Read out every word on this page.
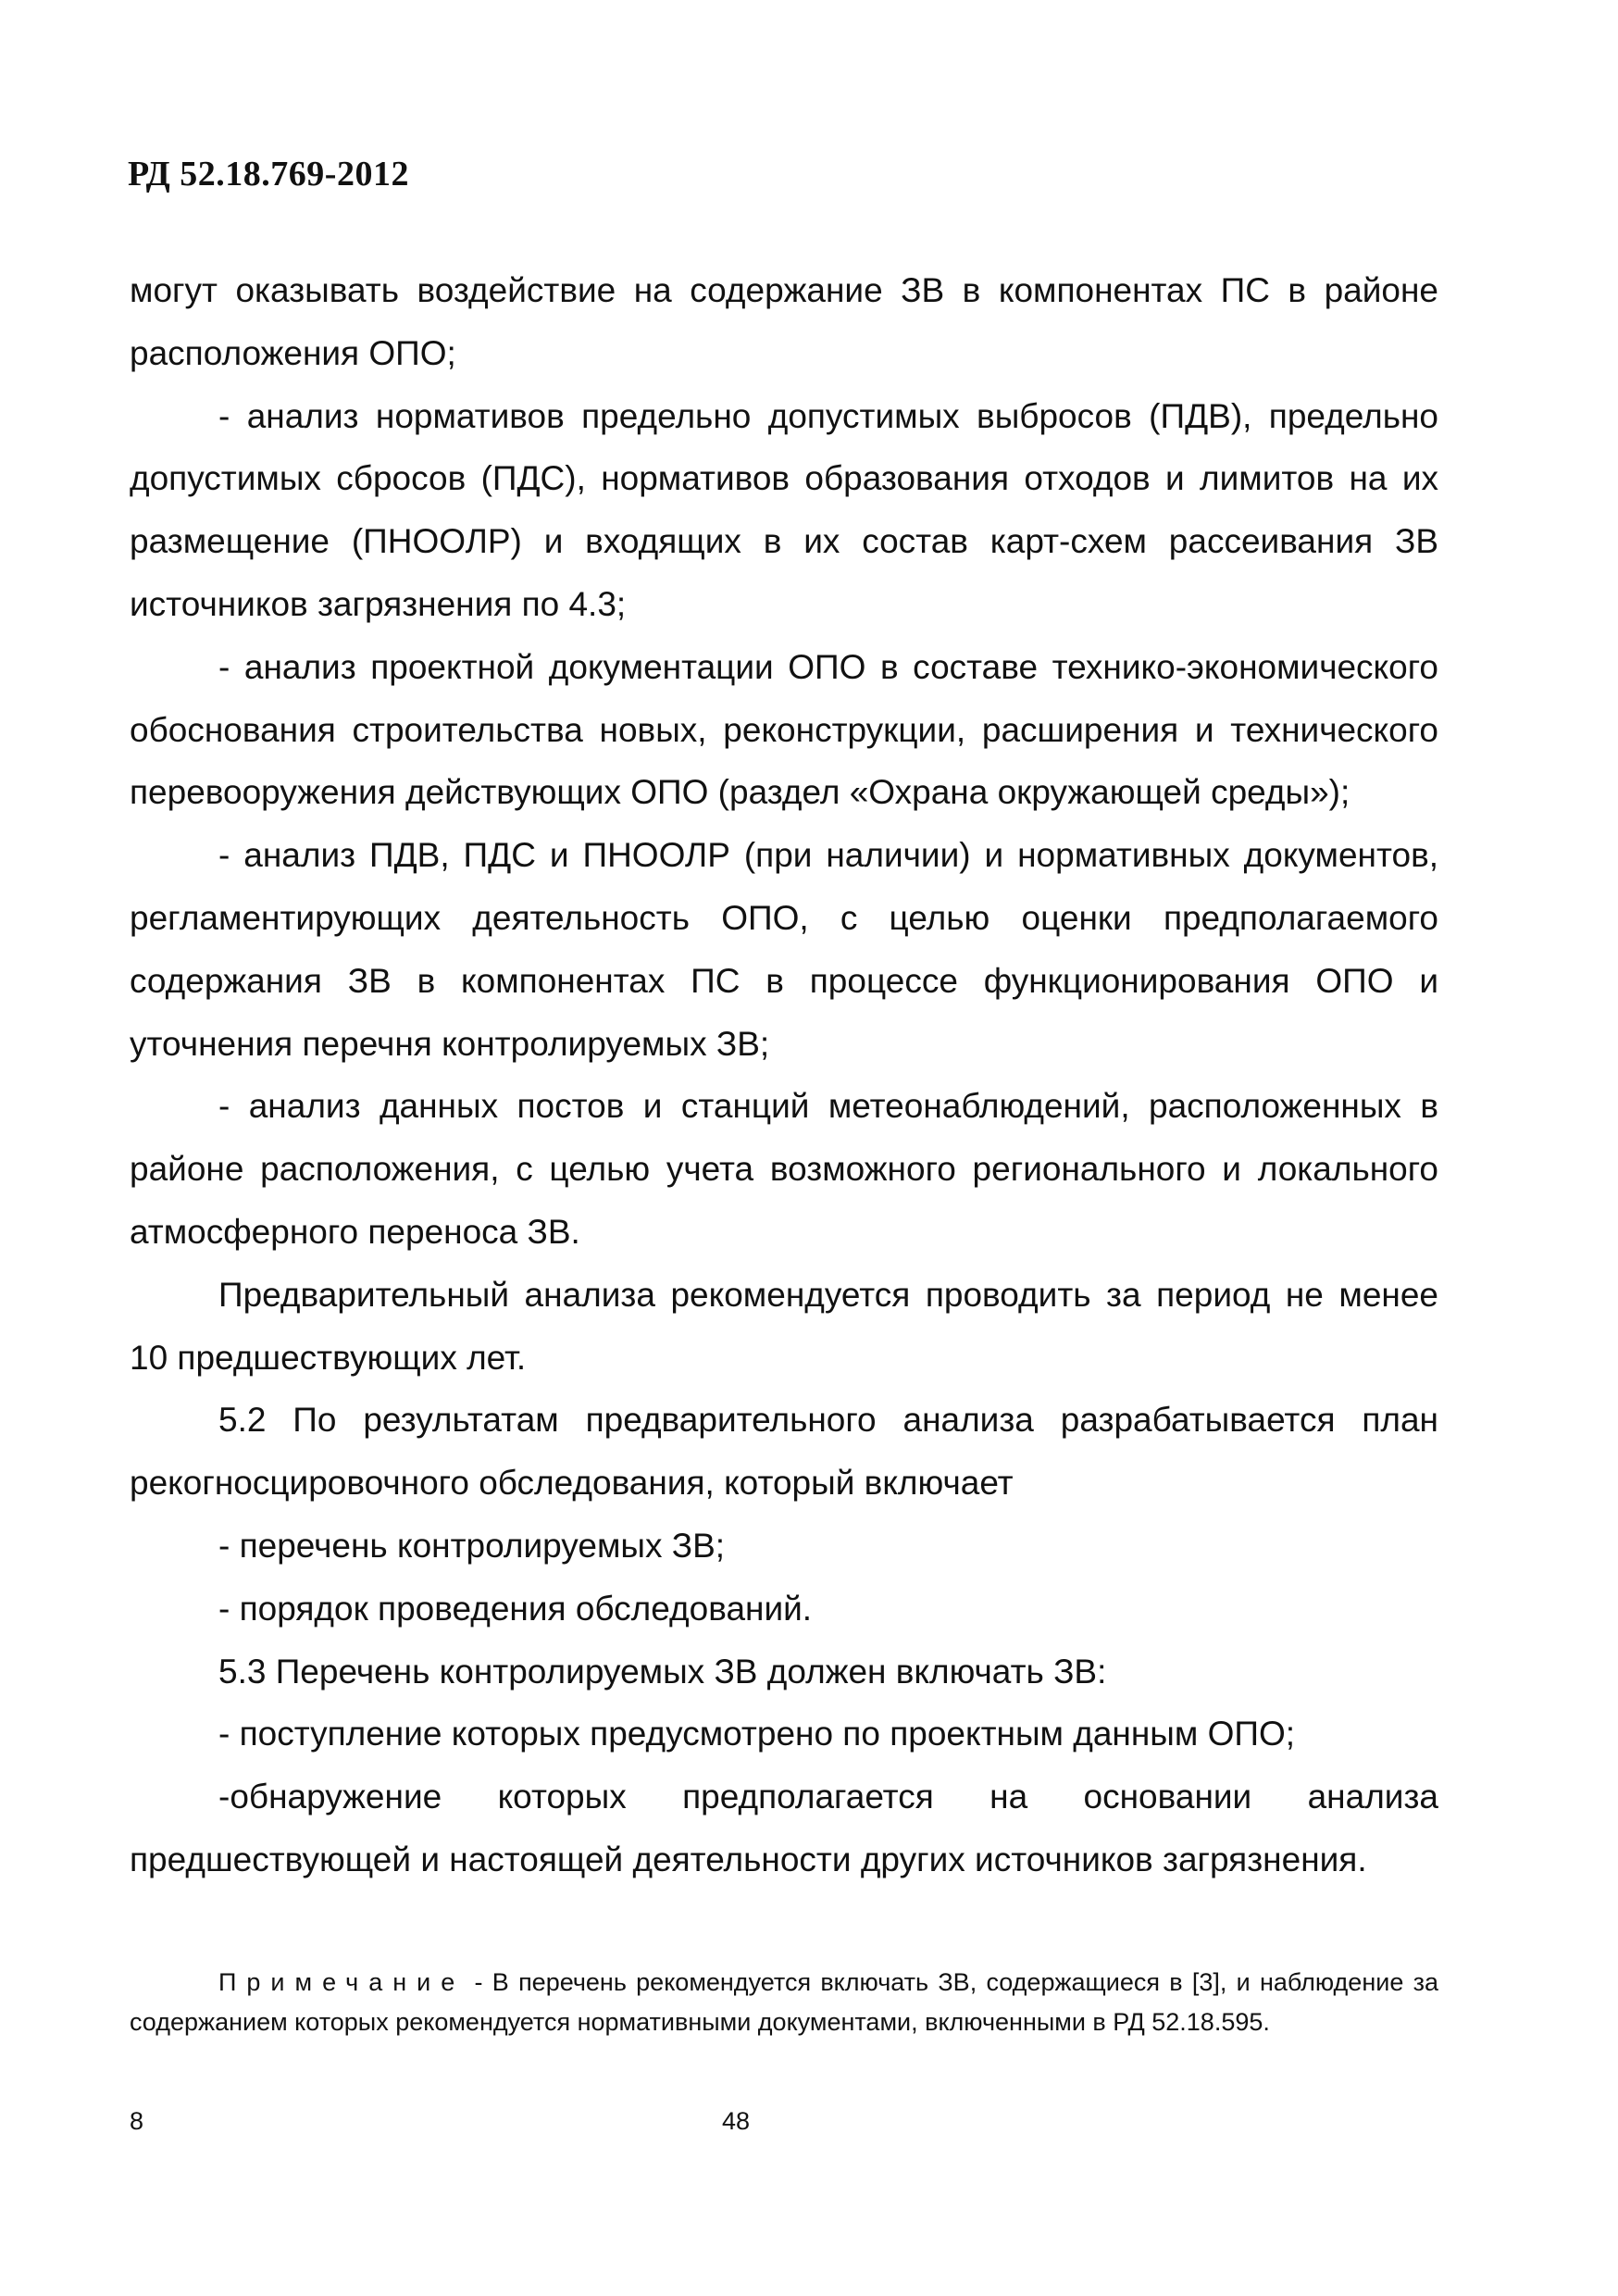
РД 52.18.769-2012

могут оказывать воздействие на содержание ЗВ в компонентах ПС в районе расположения ОПО;

- анализ нормативов предельно допустимых выбросов (ПДВ), предельно допустимых сбросов (ПДС), нормативов образования отходов и лимитов на их размещение (ПНООЛР) и входящих в их состав карт-схем рассеивания ЗВ источников загрязнения по 4.3;

- анализ проектной документации ОПО в составе технико-экономического обоснования строительства новых, реконструкции, расширения и технического перевооружения действующих ОПО (раздел «Охрана окружающей среды»);

- анализ ПДВ, ПДС и ПНООЛР (при наличии) и нормативных документов, регламентирующих деятельность ОПО, с целью оценки предполагаемого содержания ЗВ в компонентах ПС в процессе функционирования ОПО и уточнения перечня контролируемых ЗВ;

- анализ данных постов и станций метеонаблюдений, расположенных в районе расположения, с целью учета возможного регионального и локального атмосферного переноса ЗВ.

Предварительный анализа рекомендуется проводить за период не менее 10 предшествующих лет.

5.2 По результатам предварительного анализа разрабатывается план рекогносцировочного обследования, который включает

- перечень контролируемых ЗВ;

- порядок проведения обследований.

5.3 Перечень контролируемых ЗВ должен включать ЗВ:

- поступление которых предусмотрено по проектным данным ОПО;

-обнаружение которых предполагается на основании анализа предшествующей и настоящей деятельности других источников загрязнения.

Примечание - В перечень рекомендуется включать ЗВ, содержащиеся в [3], и наблюдение за содержанием которых рекомендуется нормативными документами, включенными в РД 52.18.595.
8	48
